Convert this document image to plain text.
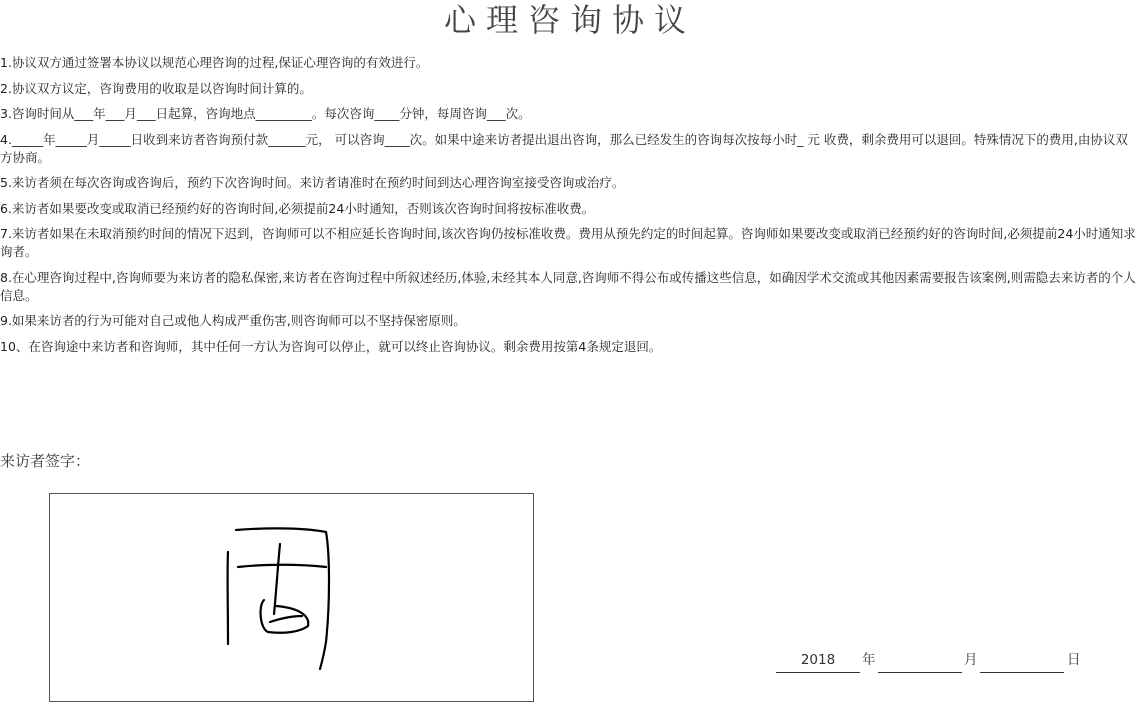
心理咨询协议

1.协议双方通过签署本协议以规范心理咨询的过程,保证心理咨询的有效进行。

2.协议双方议定，咨询费用的收取是以咨询时间计算的。

3.咨询时间从___年___月___日起算，咨询地点_________。每次咨询____分钟，每周咨询___次。

4._____年_____月_____日收到来访者咨询预付款______元， 可以咨询____次。如果中途来访者提出退出咨询，那么已经发生的咨询每次按每小时_ 元 收费，剩余费用可以退回。特殊情况下的费用,由协议双方协商。

5.来访者须在每次咨询或咨询后，预约下次咨询时间。来访者请准时在预约时间到达心理咨询室接受咨询或治疗。

6.来访者如果要改变或取消已经预约好的咨询时间,必须提前24小时通知，否则该次咨询时间将按标准收费。

7.来访者如果在未取消预约时间的情况下迟到，咨询师可以不相应延长咨询时间,该次咨询仍按标准收费。费用从预先约定的时间起算。咨询师如果要改变或取消已经预约好的咨询时间,必须提前24小时通知求询者。

8.在心理咨询过程中,咨询师要为来访者的隐私保密,来访者在咨询过程中所叙述经历,体验,未经其本人同意,咨询师不得公布或传播这些信息，如确因学术交流或其他因素需要报告该案例,则需隐去来访者的个人信息。

9.如果来访者的行为可能对自己或他人构成严重伤害,则咨询师可以不坚持保密原则。

10、在咨询途中来访者和咨询师，其中任何一方认为咨询可以停止，就可以终止咨询协议。剩余费用按第4条规定退回。

来访者签字：
2018	年	月	日
